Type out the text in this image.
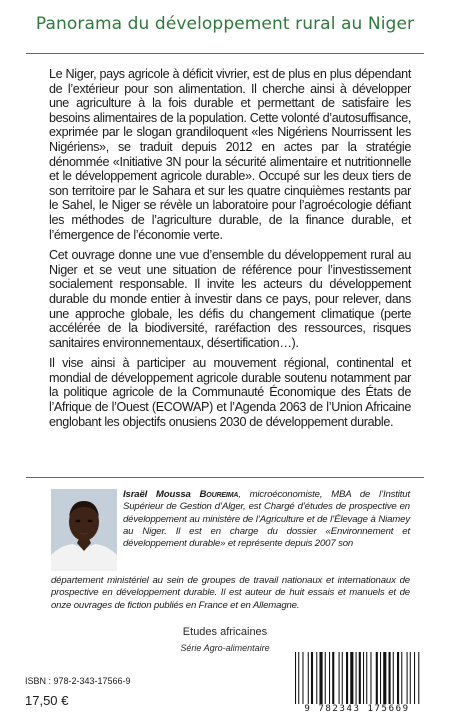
Panorama du développement rural au Niger

Le Niger, pays agricole à déficit vivrier, est de plus en plus dépendant de l’extérieur pour son alimentation. Il cherche ainsi à développer une agriculture à la fois durable et permettant de satisfaire les besoins alimentaires de la population. Cette volonté d’autosuffisance, exprimée par le slogan grandiloquent «les Nigériens Nourrissent les Nigériens», se traduit depuis 2012 en actes par la stratégie dénommée «Initiative 3N pour la sécurité alimentaire et nutritionnelle et le développement agricole durable». Occupé sur les deux tiers de son territoire par le Sahara et sur les quatre cinquièmes restants par le Sahel, le Niger se révèle un laboratoire pour l’agroécologie défiant les méthodes de l’agriculture durable, de la finance durable, et l’émergence de l’économie verte.

Cet ouvrage donne une vue d’ensemble du développement rural au Niger et se veut une situation de référence pour l’investissement socialement responsable. Il invite les acteurs du développement durable du monde entier à investir dans ce pays, pour relever, dans une approche globale, les défis du changement climatique (perte accélérée de la biodiversité, raréfaction des ressources, risques sanitaires environnementaux, désertification…).

Il vise ainsi à participer au mouvement régional, continental et mondial de développement agricole durable soutenu notamment par la politique agricole de la Communauté Économique des États de l’Afrique de l’Ouest (ECOWAP) et l’Agenda 2063 de l’Union Africaine englobant les objectifs onusiens 2030 de développement durable.

Israël Moussa Boureima, microéconomiste, MBA de l’Institut Supérieur de Gestion d’Alger, est Chargé d’études de prospective en développement au ministère de l’Agriculture et de l’Élevage à Niamey au Niger. Il est en charge du dossier «Environnement et développement durable» et représente depuis 2007 son
département ministériel au sein de groupes de travail nationaux et internationaux de prospective en développement durable. Il est auteur de huit essais et manuels et de onze ouvrages de fiction publiés en France et en Allemagne.
Etudes africaines
Série Agro-alimentaire
ISBN : 978-2-343-17566-9
17,50 €
9 782343 175669
